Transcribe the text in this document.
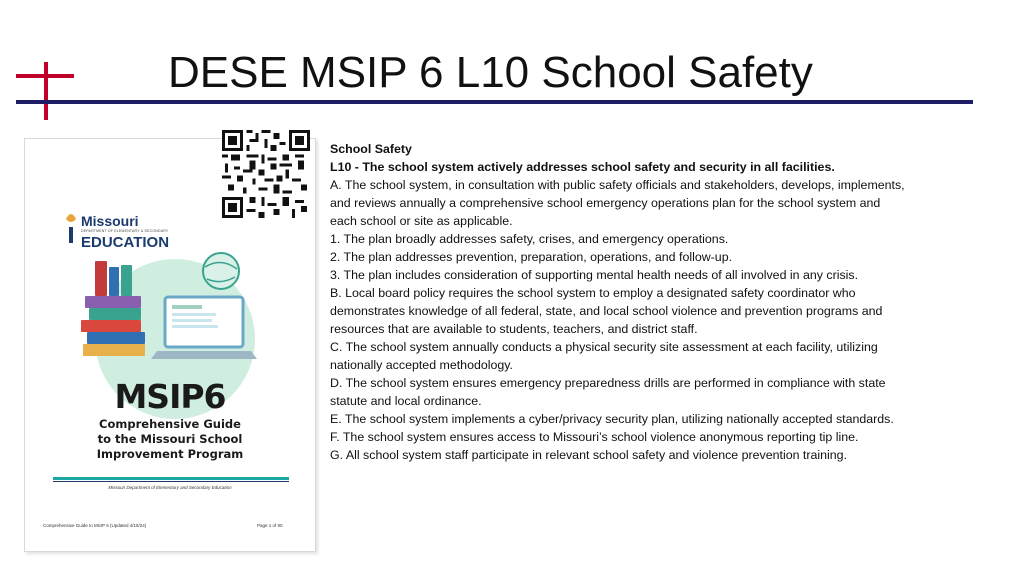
DESE MSIP 6 L10 School Safety
Missouri
DEPARTMENT OF ELEMENTARY & SECONDARY
EDUCATION
MSIP6
Comprehensive Guide
to the Missouri School
Improvement Program
Missouri Department of Elementary and Secondary Education
Comprehensive Guide to MSIP 6 (Updated 4/15/24)	Page 1 of 90

School Safety

L10 - The school system actively addresses school safety and security in all facilities.

A. The school system, in consultation with public safety officials and stakeholders, develops, implements, and reviews annually a comprehensive school emergency operations plan for the school system and each school or site as applicable.

1. The plan broadly addresses safety, crises, and emergency operations.

2. The plan addresses prevention, preparation, operations, and follow-up.

3. The plan includes consideration of supporting mental health needs of all involved in any crisis.

B. Local board policy requires the school system to employ a designated safety coordinator who demonstrates knowledge of all federal, state, and local school violence and prevention programs and resources that are available to students, teachers, and district staff.

C. The school system annually conducts a physical security site assessment at each facility, utilizing nationally accepted methodology.

D. The school system ensures emergency preparedness drills are performed in compliance with state statute and local ordinance.

E. The school system implements a cyber/privacy security plan, utilizing nationally accepted standards.

F. The school system ensures access to Missouri’s school violence anonymous reporting tip line.

G. All school system staff participate in relevant school safety and violence prevention training.
